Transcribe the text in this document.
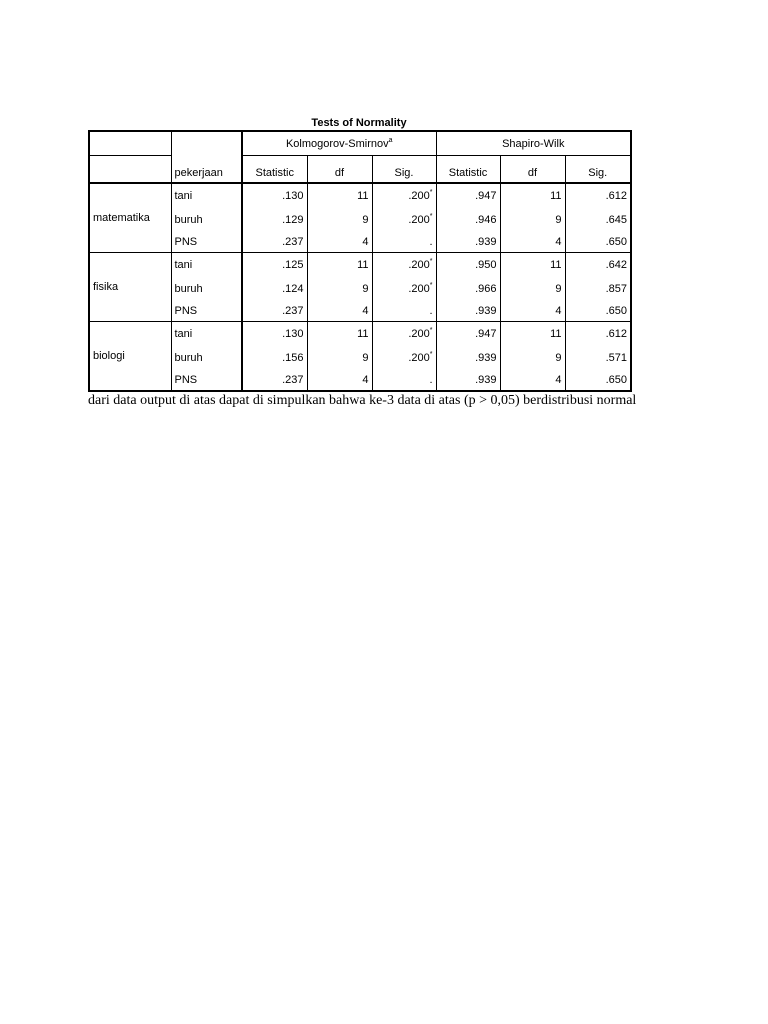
Tests of Normality
		Kolmogorov-Smirnov$^a$			Shapiro-Wilk		
	pekerjaan	Statistic	df	Sig.	Statistic	df	Sig.
matematika	tani	.130	11	.200*	.947	11	.612
	buruh	.129	9	.200*	.946	9	.645
	PNS	.237	4	.	.939	4	.650
fisika	tani	.125	11	.200*	.950	11	.642
	buruh	.124	9	.200*	.966	9	.857
	PNS	.237	4	.	.939	4	.650
biologi	tani	.130	11	.200*	.947	11	.612
	buruh	.156	9	.200*	.939	9	.571
	PNS	.237	4	.	.939	4	.650
dari data output di atas dapat di simpulkan bahwa ke-3 data di atas (p > 0,05) berdistribusi normal
